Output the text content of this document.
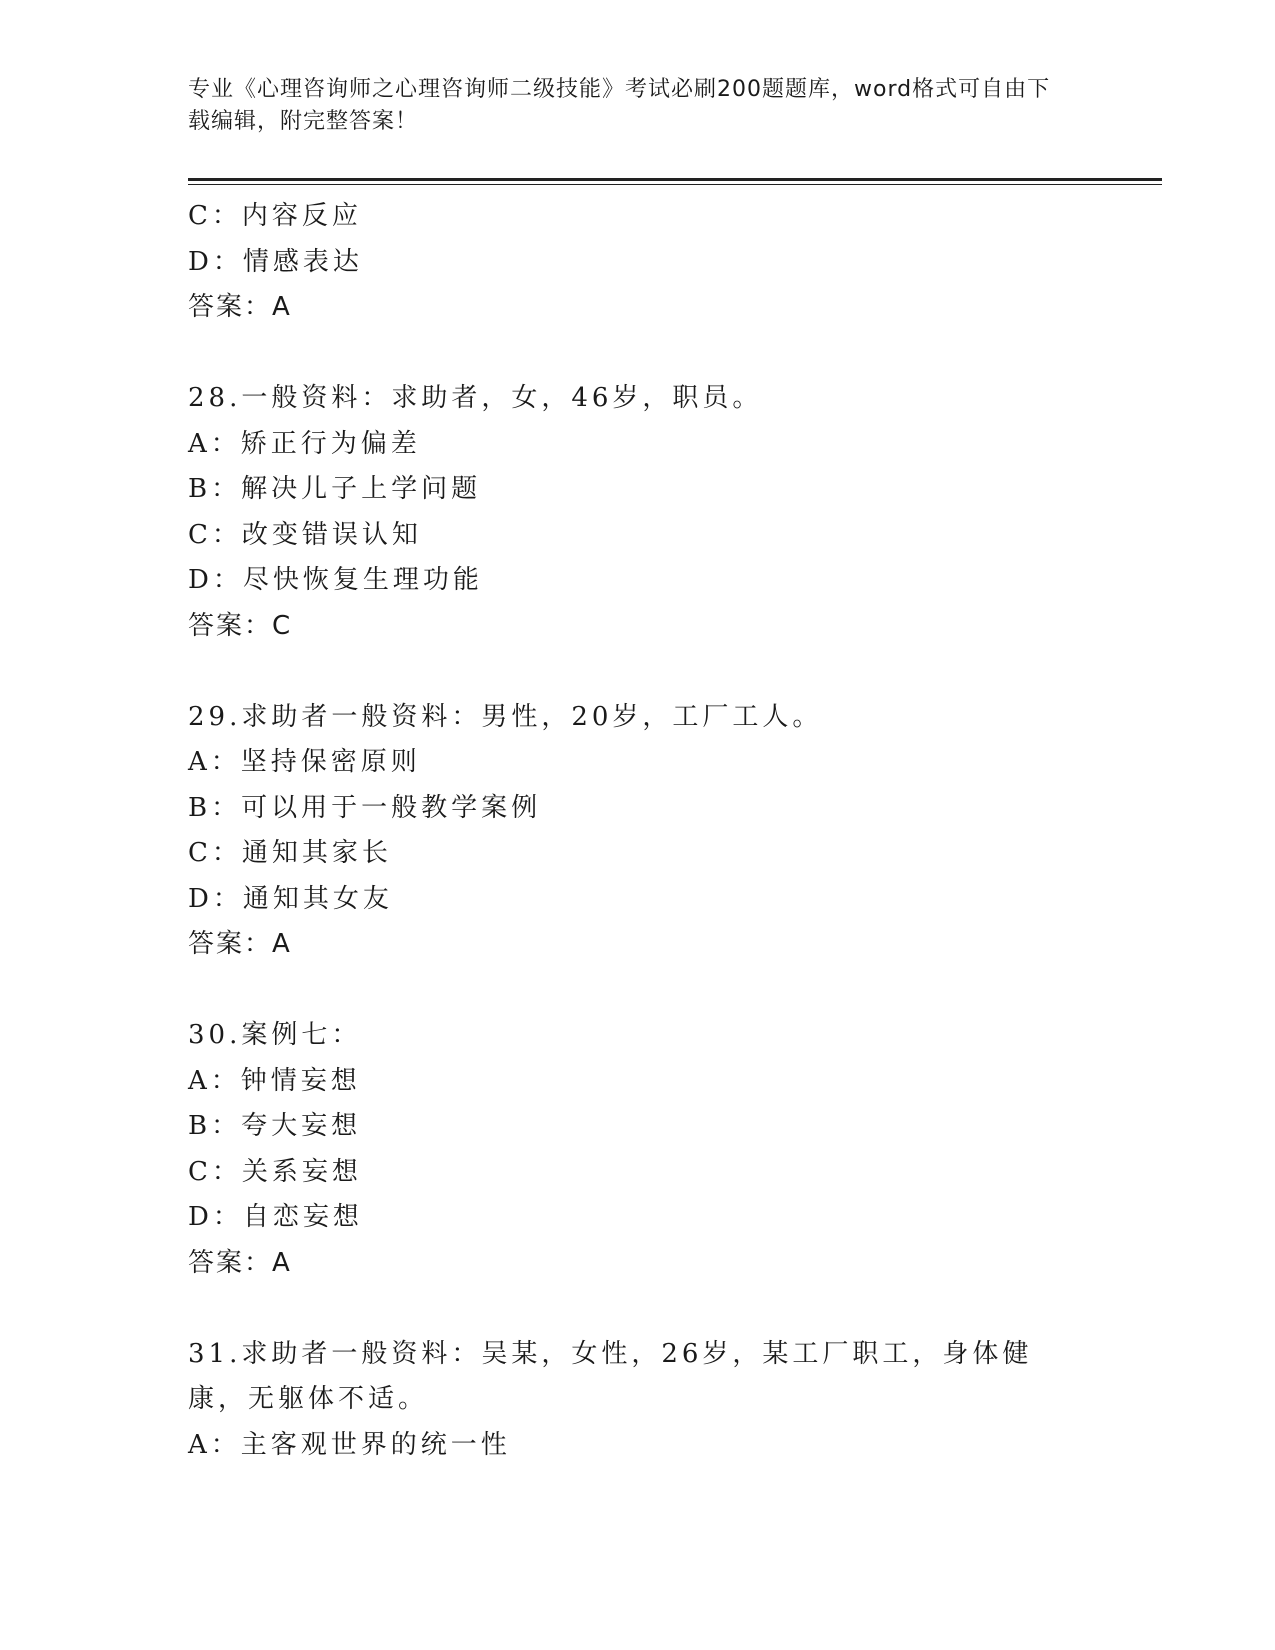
专业《心理咨询师之心理咨询师二级技能》考试必刷200题题库，word格式可自由下载编辑，附完整答案！
C：内容反应
D：情感表达
答案：A
28.一般资料：求助者，女，46岁，职员。
A：矫正行为偏差
B：解决儿子上学问题
C：改变错误认知
D：尽快恢复生理功能
答案：C
29.求助者一般资料：男性，20岁，工厂工人。
A：坚持保密原则
B：可以用于一般教学案例
C：通知其家长
D：通知其女友
答案：A
30.案例七：
A：钟情妄想
B：夸大妄想
C：关系妄想
D：自恋妄想
答案：A
31.求助者一般资料：吴某，女性，26岁，某工厂职工，身体健康，无躯体不适。
A：主客观世界的统一性
